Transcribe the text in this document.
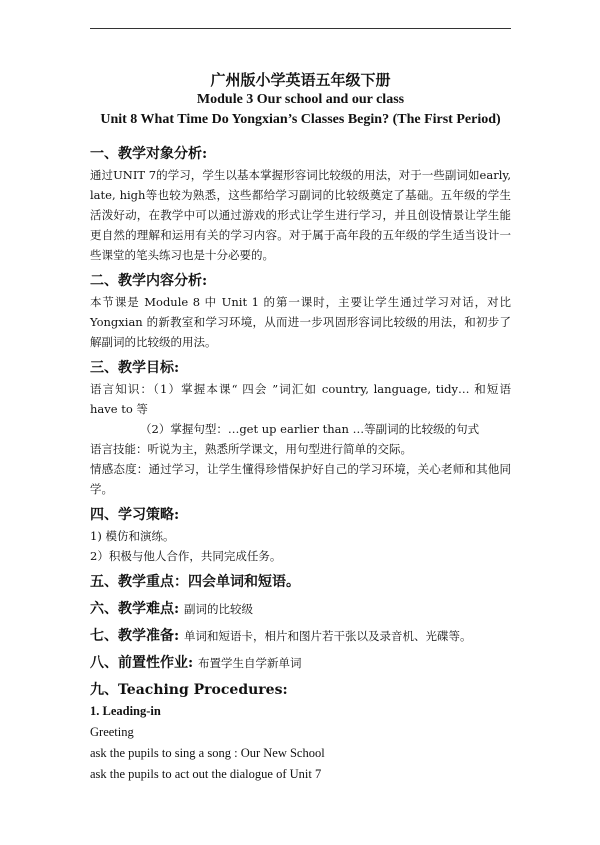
广州版小学英语五年级下册
Module 3 Our school and our class
Unit 8 What Time Do Yongxian’s Classes Begin? (The First Period)
一、教学对象分析:
通过UNIT 7的学习，学生以基本掌握形容词比较级的用法，对于一些副词如early, late, high等也较为熟悉，这些都给学习副词的比较级奠定了基础。五年级的学生活泼好动，在教学中可以通过游戏的形式让学生进行学习，并且创设情景让学生能更自然的理解和运用有关的学习内容。对于属于高年段的五年级的学生适当设计一些课堂的笔头练习也是十分必要的。
二、教学内容分析:
本节课是 Module 8 中 Unit 1 的第一课时，主要让学生通过学习对话，对比 Yongxian 的新教室和学习环境，从而进一步巩固形容词比较级的用法，和初步了解副词的比较级的用法。
三、教学目标:
语言知识：（1）掌握本课“ 四会 ”词汇如 country, language, tidy… 和短语 have to 等
（2）掌握句型：…get up earlier than …等副词的比较级的句式
语言技能：听说为主，熟悉所学课文，用句型进行简单的交际。
情感态度：通过学习，让学生懂得珍惜保护好自己的学习环境，关心老师和其他同学。
四、学习策略:
1) 模仿和演练。
2）积极与他人合作，共同完成任务。
五、教学重点：四会单词和短语。
六、教学难点: 副词的比较级
七、教学准备: 单词和短语卡，相片和图片若干张以及录音机、光碟等。
八、前置性作业: 布置学生自学新单词
九、Teaching Procedures:
1. Leading-in
Greeting
ask the pupils to sing a song : Our New School
ask the pupils to act out the dialogue of Unit 7
